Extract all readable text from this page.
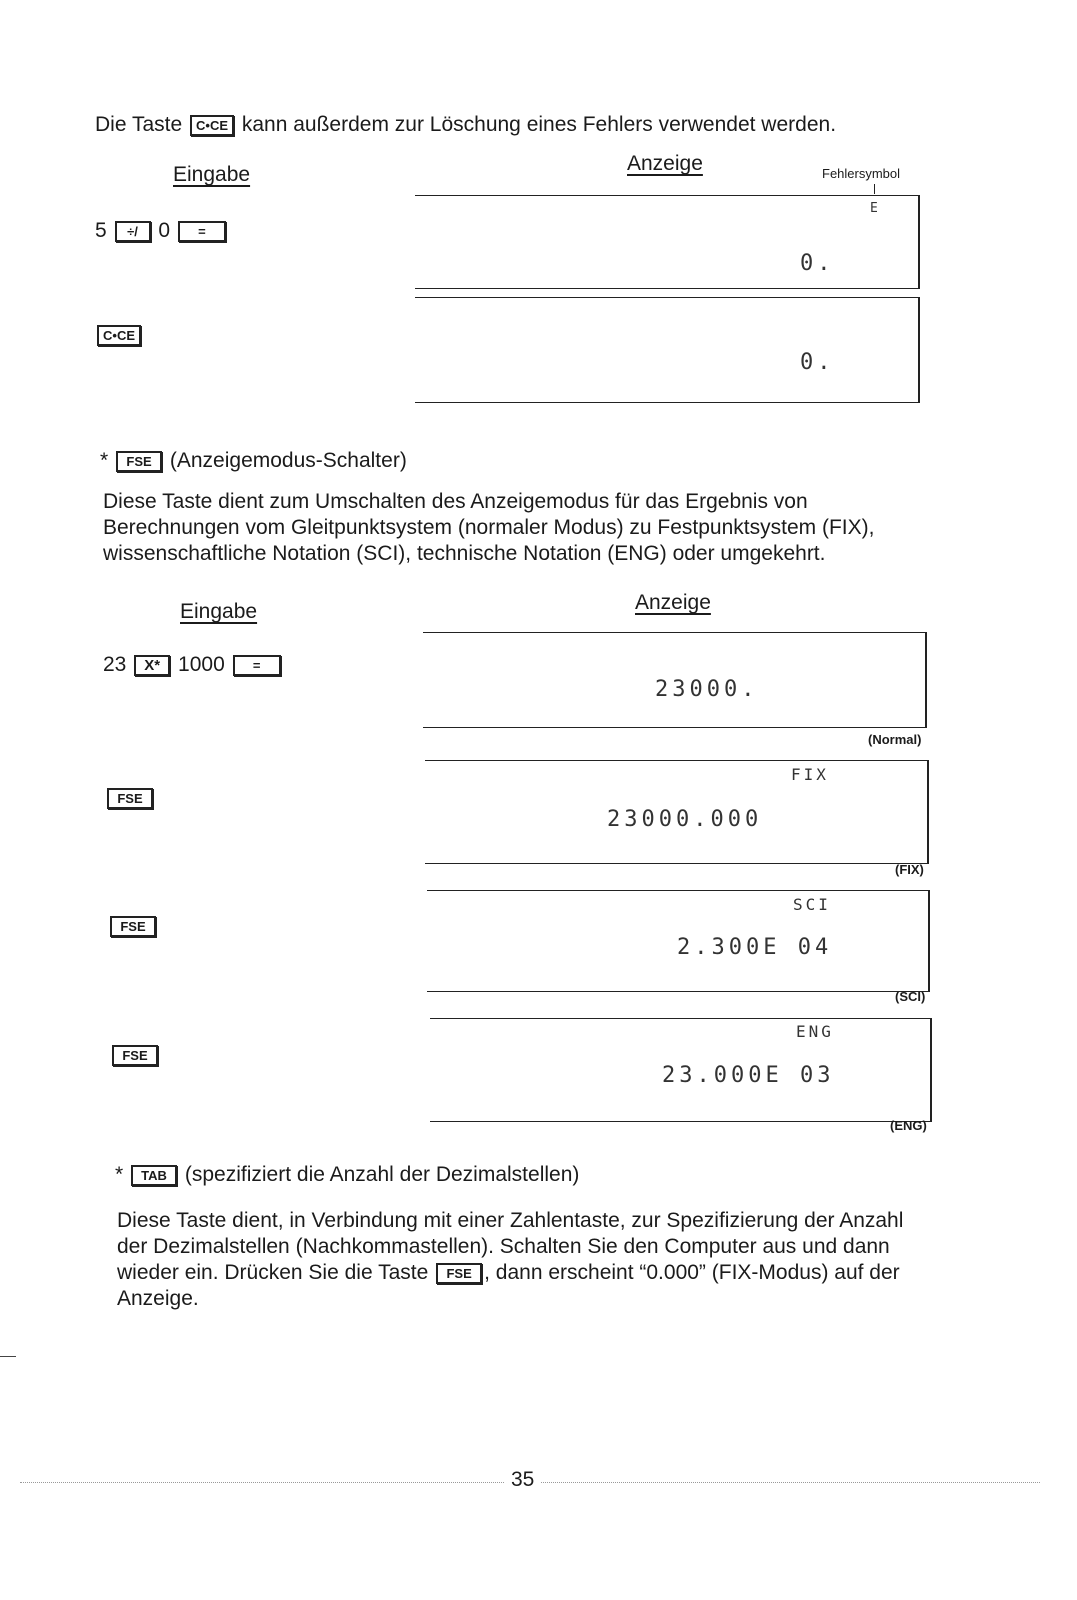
Die Taste C•CE kann außerdem zur Löschung eines Fehlers verwendet werden.
Eingabe	Anzeige	Fehlersymbol
5 ÷/ 0 =
E
0.
C•CE
0.
* FSE (Anzeigemodus-Schalter)
Diese Taste dient zum Umschalten des Anzeigemodus für das Ergebnis von Berechnungen vom Gleitpunktsystem (normaler Modus) zu Festpunktsystem (FIX), wissenschaftliche Notation (SCI), technische Notation (ENG) oder umgekehrt.
Eingabe	Anzeige
23 X* 1000 =
23000.
(Normal)
FSE
FIX
23000.000
(FIX)
FSE
SCI
2.300E 04
(SCI)
FSE
ENG
23.000E 03
(ENG)
* TAB (spezifiziert die Anzahl der Dezimalstellen)
Diese Taste dient, in Verbindung mit einer Zahlentaste, zur Spezifizierung der Anzahl der Dezimalstellen (Nachkommastellen). Schalten Sie den Computer aus und dann wieder ein. Drücken Sie die Taste FSE , dann erscheint “0.000” (FIX-Modus) auf der Anzeige.
35
